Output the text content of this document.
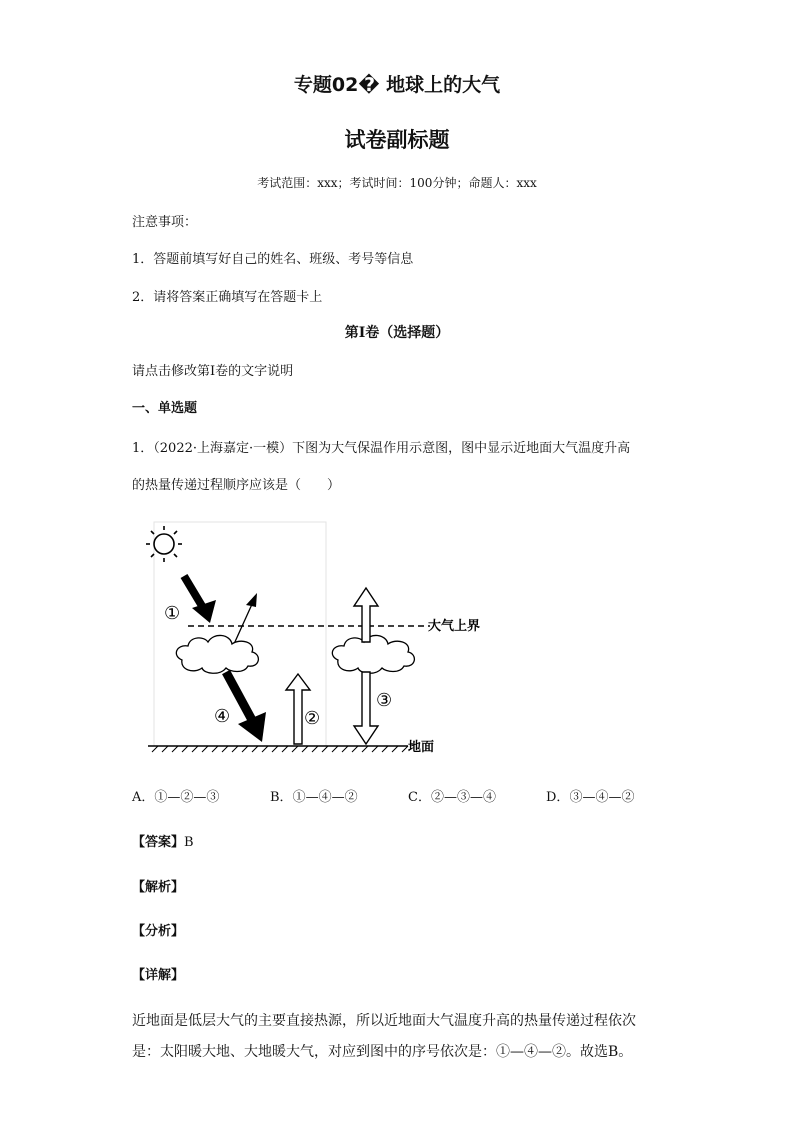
专题02� 地球上的大气
试卷副标题
考试范围：xxx；考试时间：100分钟；命题人：xxx
注意事项：
1．答题前填写好自己的姓名、班级、考号等信息
2．请将答案正确填写在答题卡上
第I卷（选择题）
请点击修改第I卷的文字说明
一、单选题
1．（2022·上海嘉定·一模）下图为大气保温作用示意图，图中显示近地面大气温度升高
的热量传递过程顺序应该是（　　）
大气上界
①
④	②
③
地面
A．①—②—③	B．①—④—②	C．②—③—④	D．③—④—②
【答案】B
【解析】
【分析】
【详解】
近地面是低层大气的主要直接热源，所以近地面大气温度升高的热量传递过程依次
是：太阳暖大地、大地暖大气，对应到图中的序号依次是：①—④—②。故选B。
